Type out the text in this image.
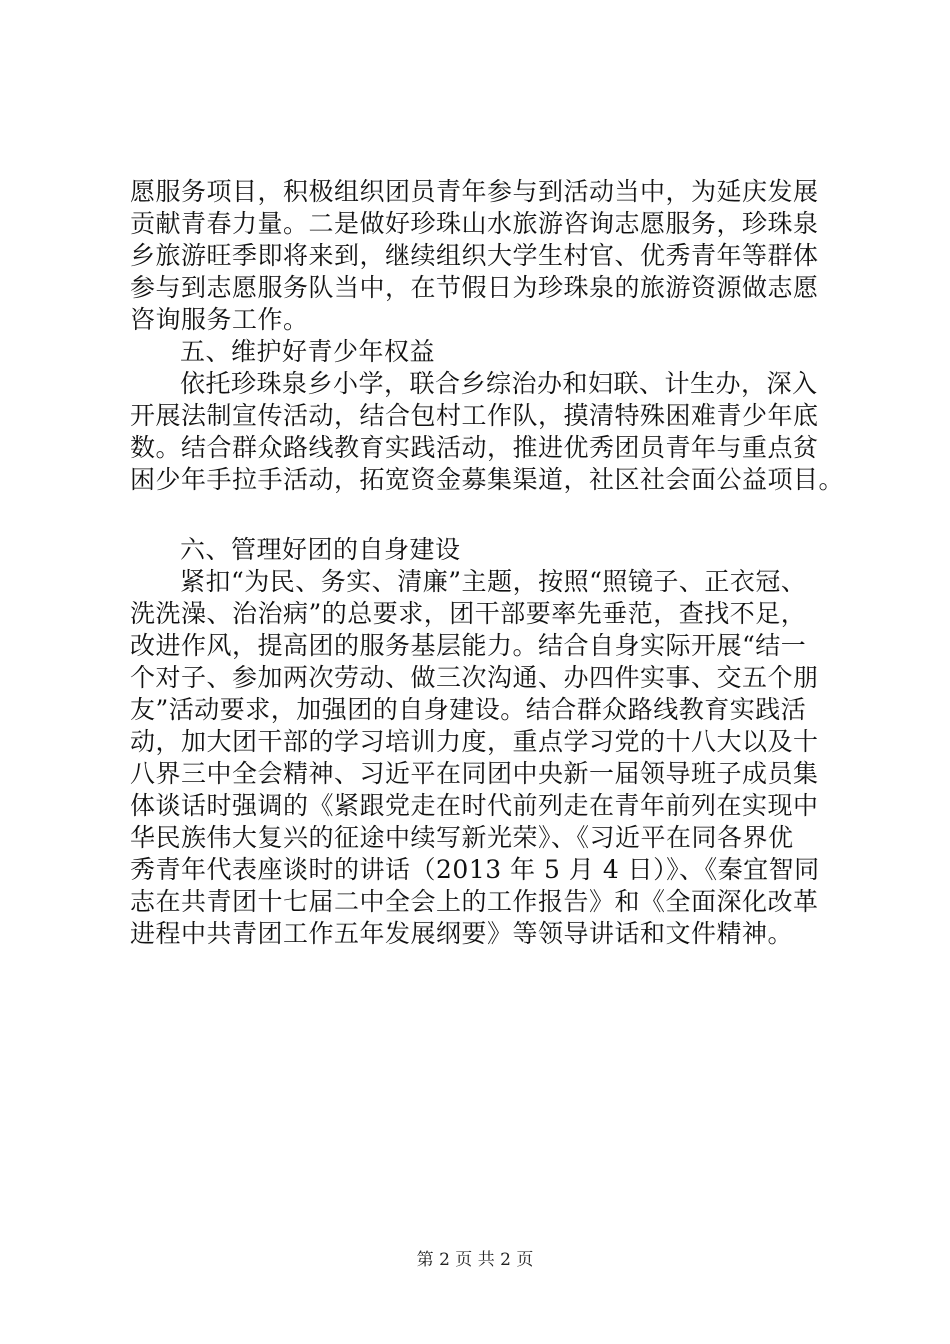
愿服务项目，积极组织团员青年参与到活动当中，为延庆发展
贡献青春力量。二是做好珍珠山水旅游咨询志愿服务，珍珠泉
乡旅游旺季即将来到，继续组织大学生村官、优秀青年等群体
参与到志愿服务队当中，在节假日为珍珠泉的旅游资源做志愿
咨询服务工作。
五、维护好青少年权益
依托珍珠泉乡小学，联合乡综治办和妇联、计生办，深入
开展法制宣传活动，结合包村工作队，摸清特殊困难青少年底
数。结合群众路线教育实践活动，推进优秀团员青年与重点贫
困少年手拉手活动，拓宽资金募集渠道，社区社会面公益项目。
六、管理好团的自身建设
紧扣“为民、务实、清廉”主题，按照“照镜子、正衣冠、
洗洗澡、治治病”的总要求，团干部要率先垂范，查找不足，
改进作风，提高团的服务基层能力。结合自身实际开展“结一
个对子、参加两次劳动、做三次沟通、办四件实事、交五个朋
友”活动要求，加强团的自身建设。结合群众路线教育实践活
动，加大团干部的学习培训力度，重点学习党的十八大以及十
八界三中全会精神、习近平在同团中央新一届领导班子成员集
体谈话时强调的《紧跟党走在时代前列走在青年前列在实现中
华民族伟大复兴的征途中续写新光荣》、《习近平在同各界优
秀青年代表座谈时的讲话（2013 年 5 月 4 日）》、《秦宜智同
志在共青团十七届二中全会上的工作报告》和《全面深化改革
进程中共青团工作五年发展纲要》等领导讲话和文件精神。
第 2 页 共 2 页
